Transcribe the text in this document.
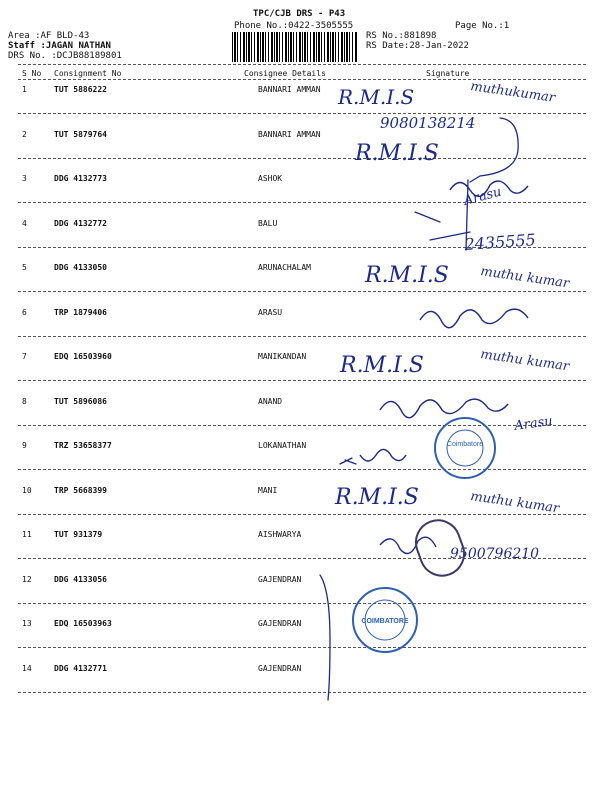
TPC/CJB DRS - P43
Phone No.:0422-3505555	Page No.:1
Area :AF BLD-43
Staff :JAGAN NATHAN
DRS No. :DCJB88189801
RS No.:881898
RS Date:28-Jan-2022
S No Consignment No	Consignee Details	Signature
1	TUT 5886222	BANNARI AMMAN
2	TUT 5879764	BANNARI AMMAN
3	DDG 4132773	ASHOK
4	DDG 4132772	BALU
5	DDG 4133050	ARUNACHALAM
6	TRP 1879406	ARASU
7	EDQ 16503960	MANIKANDAN
8	TUT 5896086	ANAND
9	TRZ 53658377	LOKANATHAN
10	TRP 5668399	MANI
11	TUT 931379	AISHWARYA
12	DDG 4133056	GAJENDRAN
13	EDQ 16503963	GAJENDRAN
14	DDG 4132771	GAJENDRAN
R.M.I.S	muthukumar
9080138214
R.M.I.S
Arasu
2435555
R.M.I.S muthu kumar
R.M.I.S	muthu kumar
Arasu
R.M.I.S	muthu kumar
9500796210
Coimbatore
COIMBATORE
